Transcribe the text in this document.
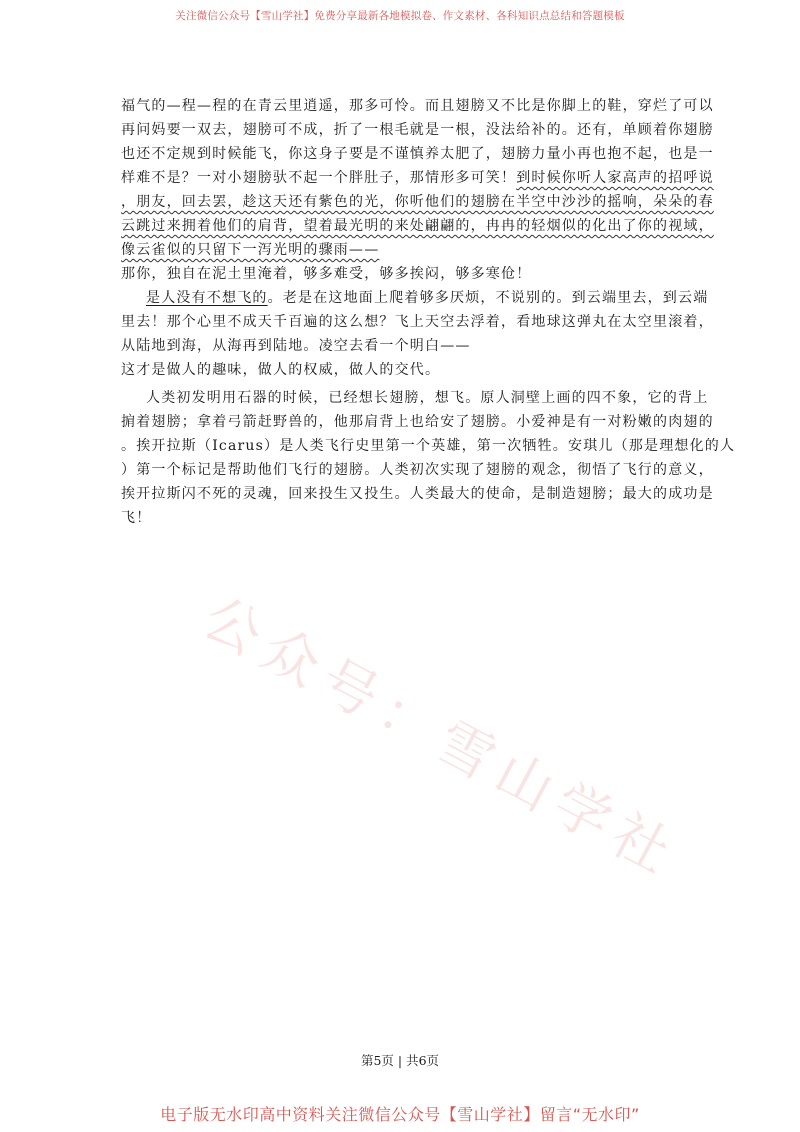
关注微信公众号【雪山学社】免费分享最新各地模拟卷、作文素材、各科知识点总结和答题模板
公众号：雪山学社
福气的—程—程的在青云里逍遥，那多可怜。而且翅膀又不比是你脚上的鞋，穿烂了可以
再问妈要一双去，翅膀可不成，折了一根毛就是一根，没法给补的。还有，单顾着你翅膀
也还不定规到时候能飞，你这身子要是不谨慎养太肥了，翅膀力量小再也抱不起，也是一
样难不是？一对小翅膀驮不起一个胖肚子，那情形多可笑！到时候你听人家高声的招呼说
，朋友，回去罢，趁这天还有紫色的光，你听他们的翅膀在半空中沙沙的摇响，朵朵的春
云跳过来拥着他们的肩背，望着最光明的来处翩翩的，冉冉的轻烟似的化出了你的视域，
像云雀似的只留下一泻光明的骤雨——
那你，独自在泥土里淹着，够多难受，够多挨闷，够多寒伧！
是人没有不想飞的。老是在这地面上爬着够多厌烦，不说别的。到云端里去，到云端
里去！那个心里不成天千百遍的这么想？飞上天空去浮着，看地球这弹丸在太空里滚着，
从陆地到海，从海再到陆地。凌空去看一个明白——
这才是做人的趣味，做人的权威，做人的交代。
人类初发明用石器的时候，已经想长翅膀，想飞。原人洞壁上画的四不象，它的背上
掮着翅膀；拿着弓箭赶野兽的，他那肩背上也给安了翅膀。小爱神是有一对粉嫩的肉翅的
。挨开拉斯（Icarus）是人类飞行史里第一个英雄，第一次牺牲。安琪儿（那是理想化的人
）第一个标记是帮助他们飞行的翅膀。人类初次实现了翅膀的观念，彻悟了飞行的意义，
挨开拉斯闪不死的灵魂，回来投生又投生。人类最大的使命，是制造翅膀；最大的成功是
飞！
第5页 | 共6页
电子版无水印高中资料关注微信公众号【雪山学社】留言“无水印”
